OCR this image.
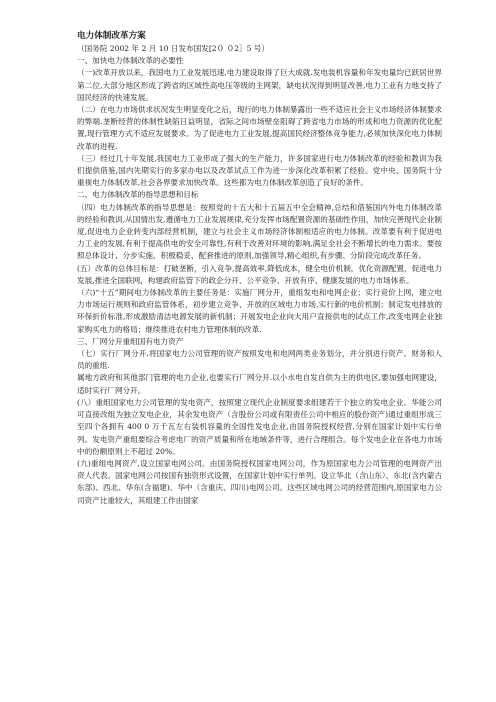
电力体制改革方案

（国务院 2002 年 2 月 10 日发布国发[2０ ０2］5 号）

一、加快电力体制改革的必要性

（一)改革开放以来，我国电力工业发展迅速,电力建设取得了巨大成就.发电装机容量和年发电量均已跃居世界第二位,大部分地区形成了跨省的区域性高电压等级的主网架，缺电状况得到明显改善,电力工业有力地支持了国民经济的快速发展。

（二）在电力市场供求状况发生明显变化之后，现行的电力体制暴露出一些不适应社会主义市场经济体制要求的弊端.垄断经营的体制性缺陷日益明显，省际之间市场壁垒阻碍了跨省电力市场的形成和电力资源的优化配置,现行管理方式不适应发展要求。为了促进电力工业发展,提高国民经济整体竞争能力,必须加快深化电力体制改革的进程.

（三）经过几十年发展,我国电力工业形成了强大的生产能力，许多国家进行电力体制改革的经验和教训为我们提供借鉴,国内先期实行的多家办电以及改革试点工作为进一步深化改革积累了经验。党中央、国务院十分重视电力体制改革,社会各界要求加快改革。这些都为电力体制改革创造了良好的条件。

二、电力体制改革的指导思想和目标

（四）电力体制改革的指导思想是：按照党的十五大和十五届五中全会精神,总结和借鉴国内外电力体制改革的经验和教训,从国情出发,遵循电力工业发展规律,充分发挥市场配置资源的基础性作用，加快完善现代企业制度,促进电力企业转变内部经营机制，建立与社会主义市场经济体制相适应的电力体制。改革要有利于促进电力工业的发展,有利于提高供电的安全可靠性,有利于改善对环境的影响,满足全社会不断增长的电力需求。要按照总体设计、分步实施、积极稳妥、配套推进的原则,加强领导,精心组织,有步骤、分阶段完成改革任务。

(五）改革的总体目标是：打破垄断，引入竞争,提高效率,降低成本，健全电价机制，优化资源配置，促进电力发展,推进全国联网，构建政府监管下的政企分开、公平竞争、开放有序、健康发展的电力市场体系。

（六)“十五”期间电力体制改革的主要任务是：实施厂网分开，重组发电和电网企业；实行竞价上网，建立电力市场运行规则和政府监管体系，初步建立竞争、开放的区域电力市场,实行新的电价机制；制定发电排放的环保折价标准,形成激励清洁电源发展的新机制；开展发电企业向大用户直接供电的试点工作,改变电网企业独家购买电力的格局；继续推进农村电力管理体制的改革.

三、厂网分开重组国有电力资产

（七）实行厂网分开.将国家电力公司管理的资产按照发电和电网两类业务划分，并分别进行资产、财务和人员的重组.

属地方政府和其他部门管理的电力企业,也要实行厂网分开.以小水电自发自供为主的供电区,要加强电网建设，适时实行厂网分开。

(八）重组国家电力公司管理的发电资产，按照建立现代企业制度要求组建若干个独立的发电企业。华能公司可直接改组为独立发电企业，其余发电资产（含股份公司或有限责任公司中相应的股份资产)通过重组形成三至四个各拥有 400 0 万千瓦左右装机容量的全国性发电企业,由国务院授权经营,分别在国家计划中实行单列。发电资产重组要综合考虑电厂的资产质量和所在地域条件等，进行合理组合。每个发电企业在各电力市场中的份额原则上不超过 20%。

(九)重组电网资产,设立国家电网公司。由国务院授权国家电网公司，作为原国家电力公司管理的电网资产出资人代表。国家电网公司按国有独资形式设置，在国家计划中实行单列。设立华北（含山东）、东北(含内蒙古东部)、西北、华东(含福建)、华中（含重庆、四川)电网公司。这些区域电网公司的经营范围内,原国家电力公司资产比重较大，其组建工作由国家
